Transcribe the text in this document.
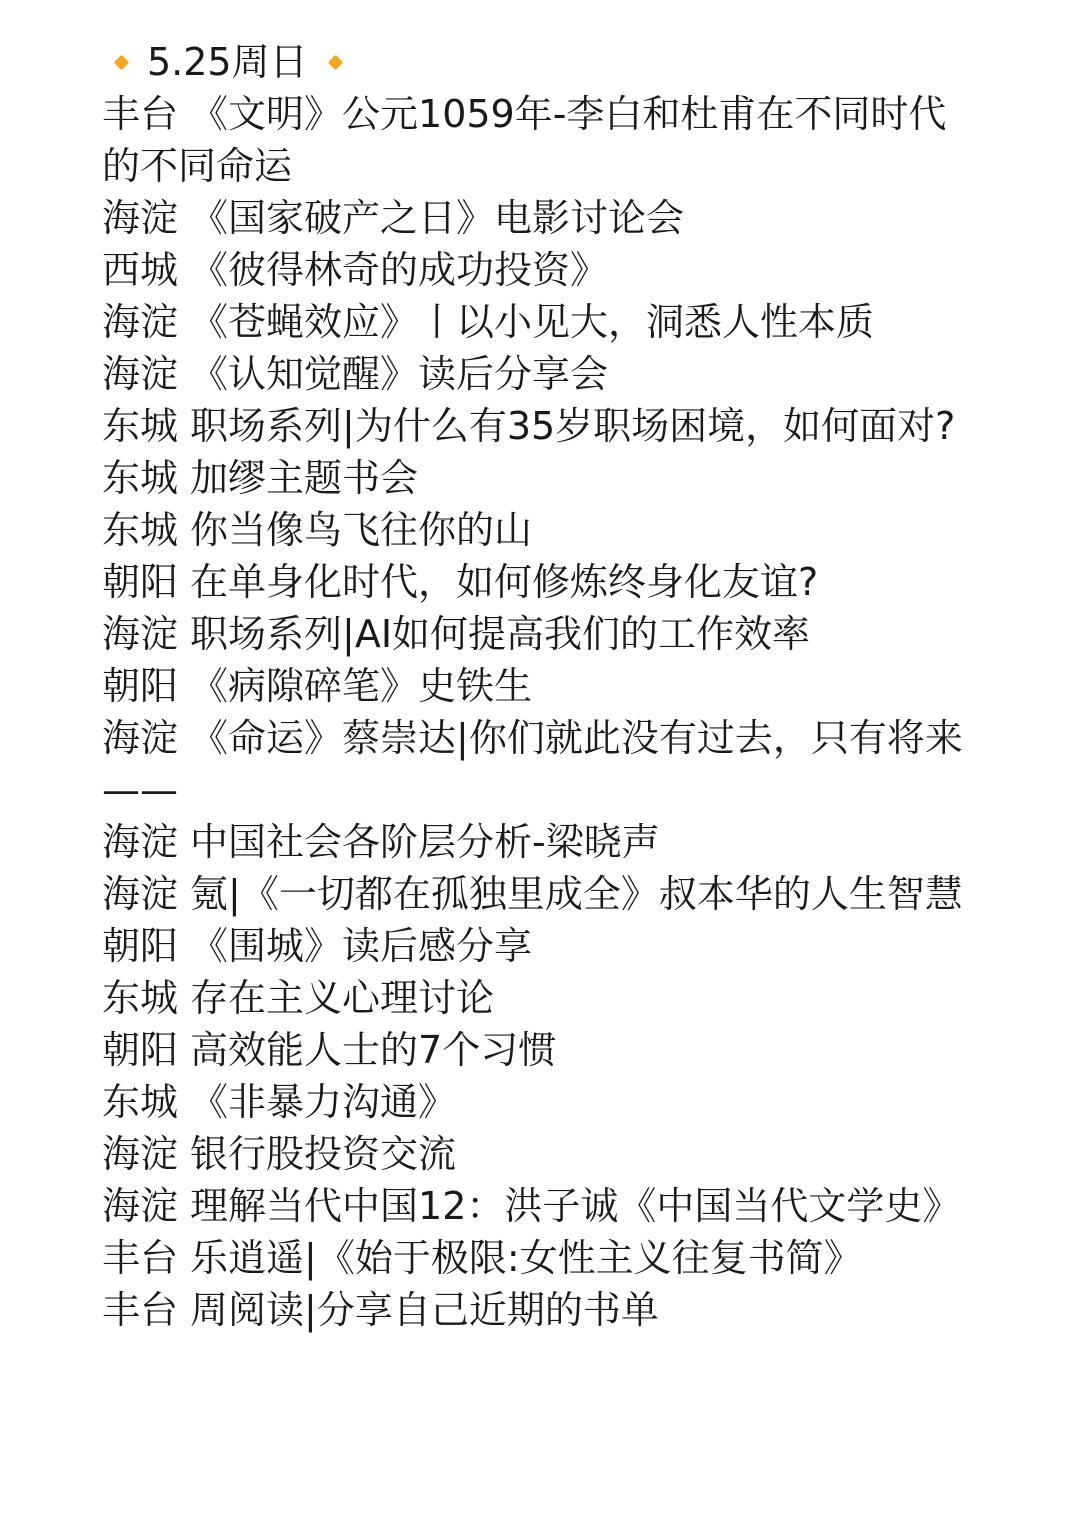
5.25周日
丰台 《文明》公元1059年-李白和杜甫在不同时代的不同命运
海淀 《国家破产之日》电影讨论会
西城 《彼得林奇的成功投资》
海淀 《苍蝇效应》丨以小见大，洞悉人性本质
海淀 《认知觉醒》读后分享会
东城 职场系列|为什么有35岁职场困境，如何面对?
东城 加缪主题书会
东城 你当像鸟飞往你的山
朝阳 在单身化时代，如何修炼终身化友谊?
海淀 职场系列|AI如何提高我们的工作效率
朝阳 《病隙碎笔》史铁生
海淀 《命运》蔡崇达|你们就此没有过去，只有将来——
海淀 中国社会各阶层分析-梁晓声
海淀 氪|《一切都在孤独里成全》叔本华的人生智慧
朝阳 《围城》读后感分享
东城 存在主义心理讨论
朝阳 高效能人士的7个习惯
东城 《非暴力沟通》
海淀 银行股投资交流
海淀 理解当代中国12：洪子诚《中国当代文学史》
丰台 乐逍遥|《始于极限:女性主义往复书简》
丰台 周阅读|分享自己近期的书单
